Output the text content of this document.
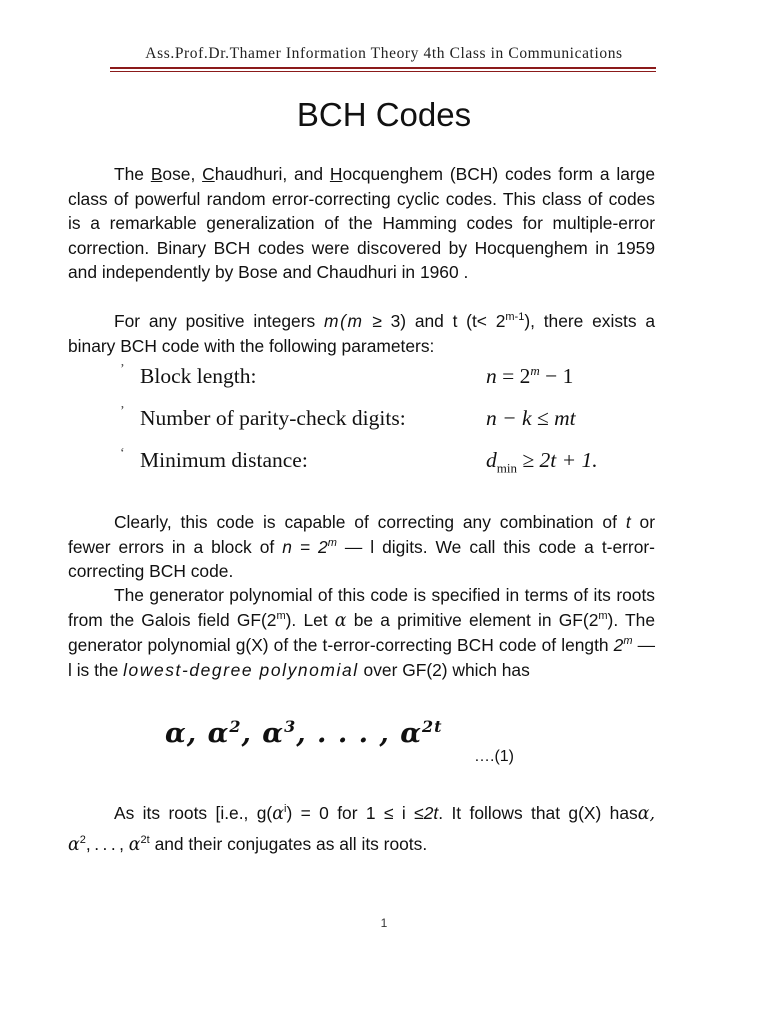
Ass.Prof.Dr.Thamer Information Theory 4th Class in Communications
BCH Codes
The Bose, Chaudhuri, and Hocquenghem (BCH) codes form a large class of powerful random error-correcting cyclic codes. This class of codes is a remarkable generalization of the Hamming codes for multiple-error correction. Binary BCH codes were discovered by Hocquenghem in 1959 and independently by Bose and Chaudhuri in 1960 .
For any positive integers m(m ≥ 3) and t $(t< 2^{m-1})$, there exists a binary BCH code with the following parameters:
’ Block length:	$n = 2^m - 1$
’ Number of parity-check digits:	n − k ≤ mt
‘ Minimum distance:	$d_{min} \ge 2t + 1$.
Clearly, this code is capable of correcting any combination of t or fewer errors in a block of $n = 2^m$ — l digits. We call this code a t-error-correcting BCH code.
The generator polynomial of this code is specified in terms of its roots from the Galois field GF(2$^m$). Let α be a primitive element in GF(2$^m$). The generator polynomial g(X) of the t-error-correcting BCH code of length 2$^m$ — l is the lowest-degree polynomial over GF(2) which has
α, $\alpha^2$, $\alpha^3$, . . . , $\alpha^{2t}$
….(1)
As its roots [i.e., $g(\alpha^i) = 0$ for 1 ≤ i ≤2t. It follows that g(X) hasα, $\alpha^2$, . . . , $\alpha^{2t}$ and their conjugates as all its roots.
1
